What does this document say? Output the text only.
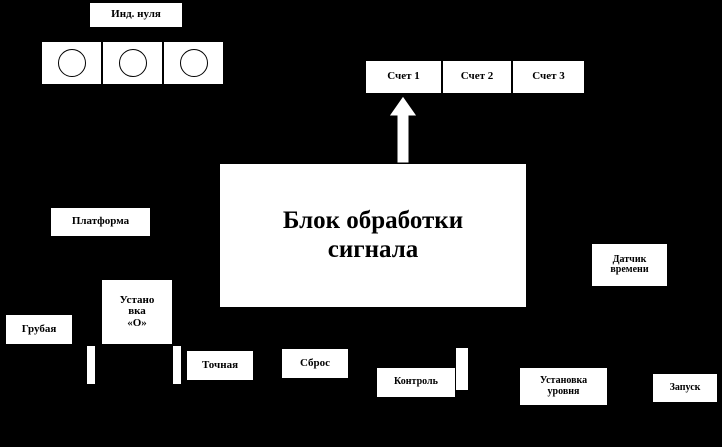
Инд. нуля
Счет 1	Счет 2	Счет 3
Блок обработки
сигнала
Платформа
Датчик
времени
Устано
вка
«О»
Грубая
Точная	Сброс
Контроль	Установка
уровня	Запуск
